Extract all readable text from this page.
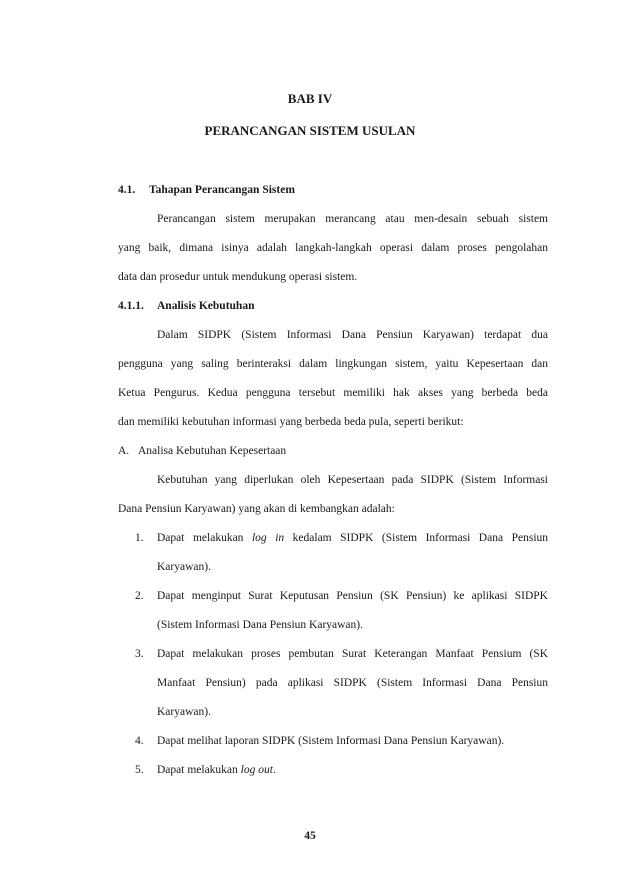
BAB IV
PERANCANGAN SISTEM USULAN
4.1. Tahapan Perancangan Sistem
Perancangan sistem merupakan merancang atau men-desain sebuah sistem
yang baik, dimana isinya adalah langkah-langkah operasi dalam proses pengolahan
data dan prosedur untuk mendukung operasi sistem.
4.1.1. Analisis Kebutuhan
Dalam SIDPK (Sistem Informasi Dana Pensiun Karyawan) terdapat dua
pengguna yang saling berinteraksi dalam lingkungan sistem, yaitu Kepesertaan dan
Ketua Pengurus. Kedua pengguna tersebut memiliki hak akses yang berbeda beda
dan memiliki kebutuhan informasi yang berbeda beda pula, seperti berikut:
A. Analisa Kebutuhan Kepesertaan
Kebutuhan yang diperlukan oleh Kepesertaan pada SIDPK (Sistem Informasi
Dana Pensiun Karyawan) yang akan di kembangkan adalah:
1. Dapat melakukan log in kedalam SIDPK (Sistem Informasi Dana Pensiun
Karyawan).
2. Dapat menginput Surat Keputusan Pensiun (SK Pensiun) ke aplikasi SIDPK
(Sistem Informasi Dana Pensiun Karyawan).
3. Dapat melakukan proses pembutan Surat Keterangan Manfaat Pensium (SK
Manfaat Pensiun) pada aplikasi SIDPK (Sistem Informasi Dana Pensiun
Karyawan).
4. Dapat melihat laporan SIDPK (Sistem Informasi Dana Pensiun Karyawan).
5. Dapat melakukan log out.
45
